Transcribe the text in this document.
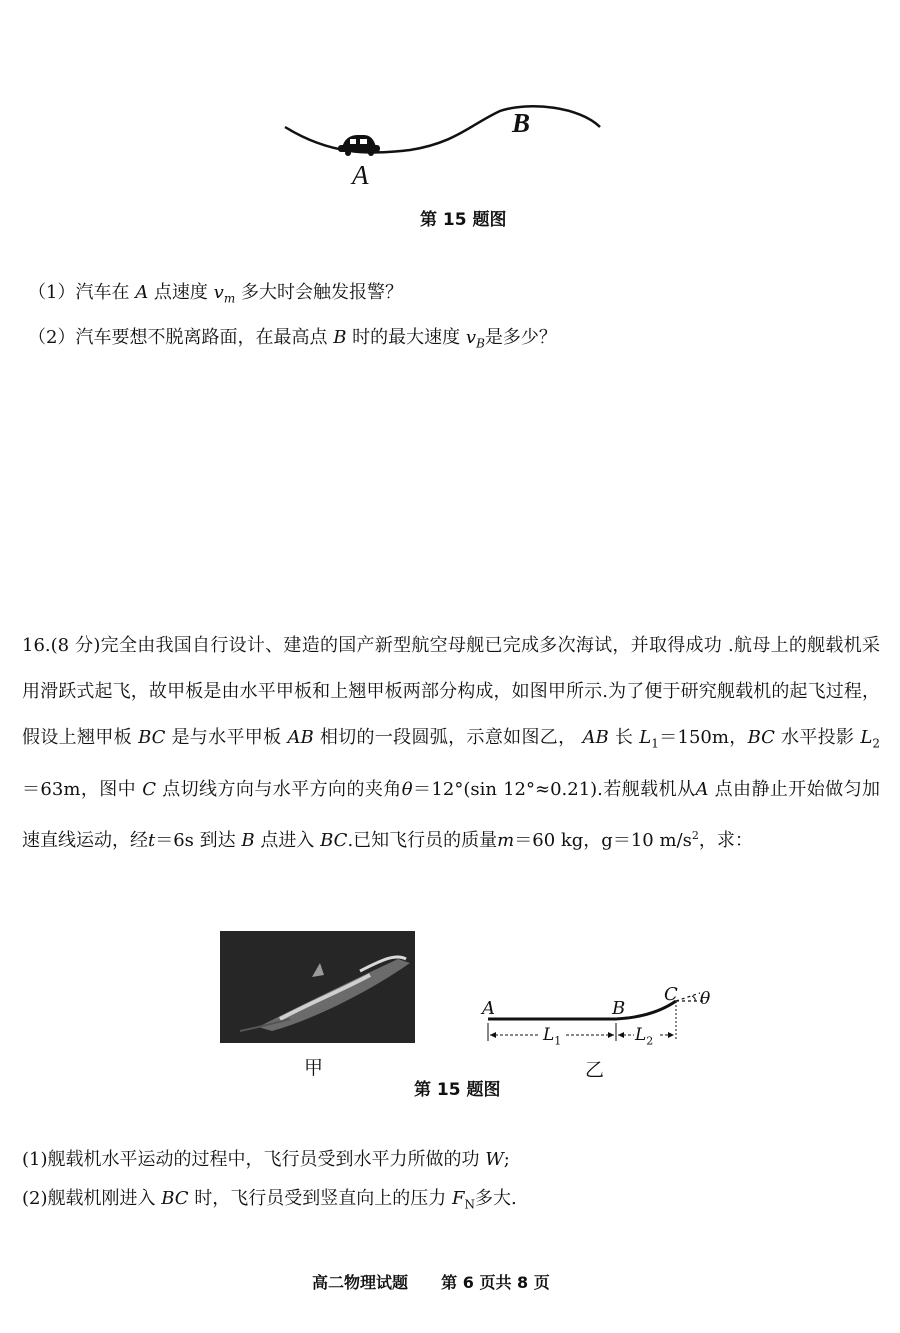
A
B
第 15 题图
（1）汽车在 A 点速度 $v_m$ 多大时会触发报警？
（2）汽车要想不脱离路面，在最高点 B 时的最大速度 $v_B$是多少？
16.(8 分)完全由我国自行设计、建造的国产新型航空母舰已完成多次海试，并取得成功 .航母上的舰载机采用滑跃式起飞，故甲板是由水平甲板和上翘甲板两部分构成，如图甲所示.为了便于研究舰载机的起飞过程，假设上翘甲板 BC 是与水平甲板 AB 相切的一段圆弧，示意如图乙， AB 长 $L_1=150m$，BC 水平投影 $L_2=63m$，图中 C 点切线方向与水平方向的夹角θ＝12°(sin 12°≈0.21).若舰载机从A 点由静止开始做匀加速直线运动，经t＝6s 到达 B 点进入 BC.已知飞行员的质量m＝60 kg，g＝10 $m/s^2$，求：
甲
A	B
C θ
$L_1$	$L_2$
乙
第 15 题图
(1)舰载机水平运动的过程中，飞行员受到水平力所做的功 W;
(2)舰载机刚进入 BC 时，飞行员受到竖直向上的压力 $F_N$多大.
高二物理试题 第 6 页共 8 页
